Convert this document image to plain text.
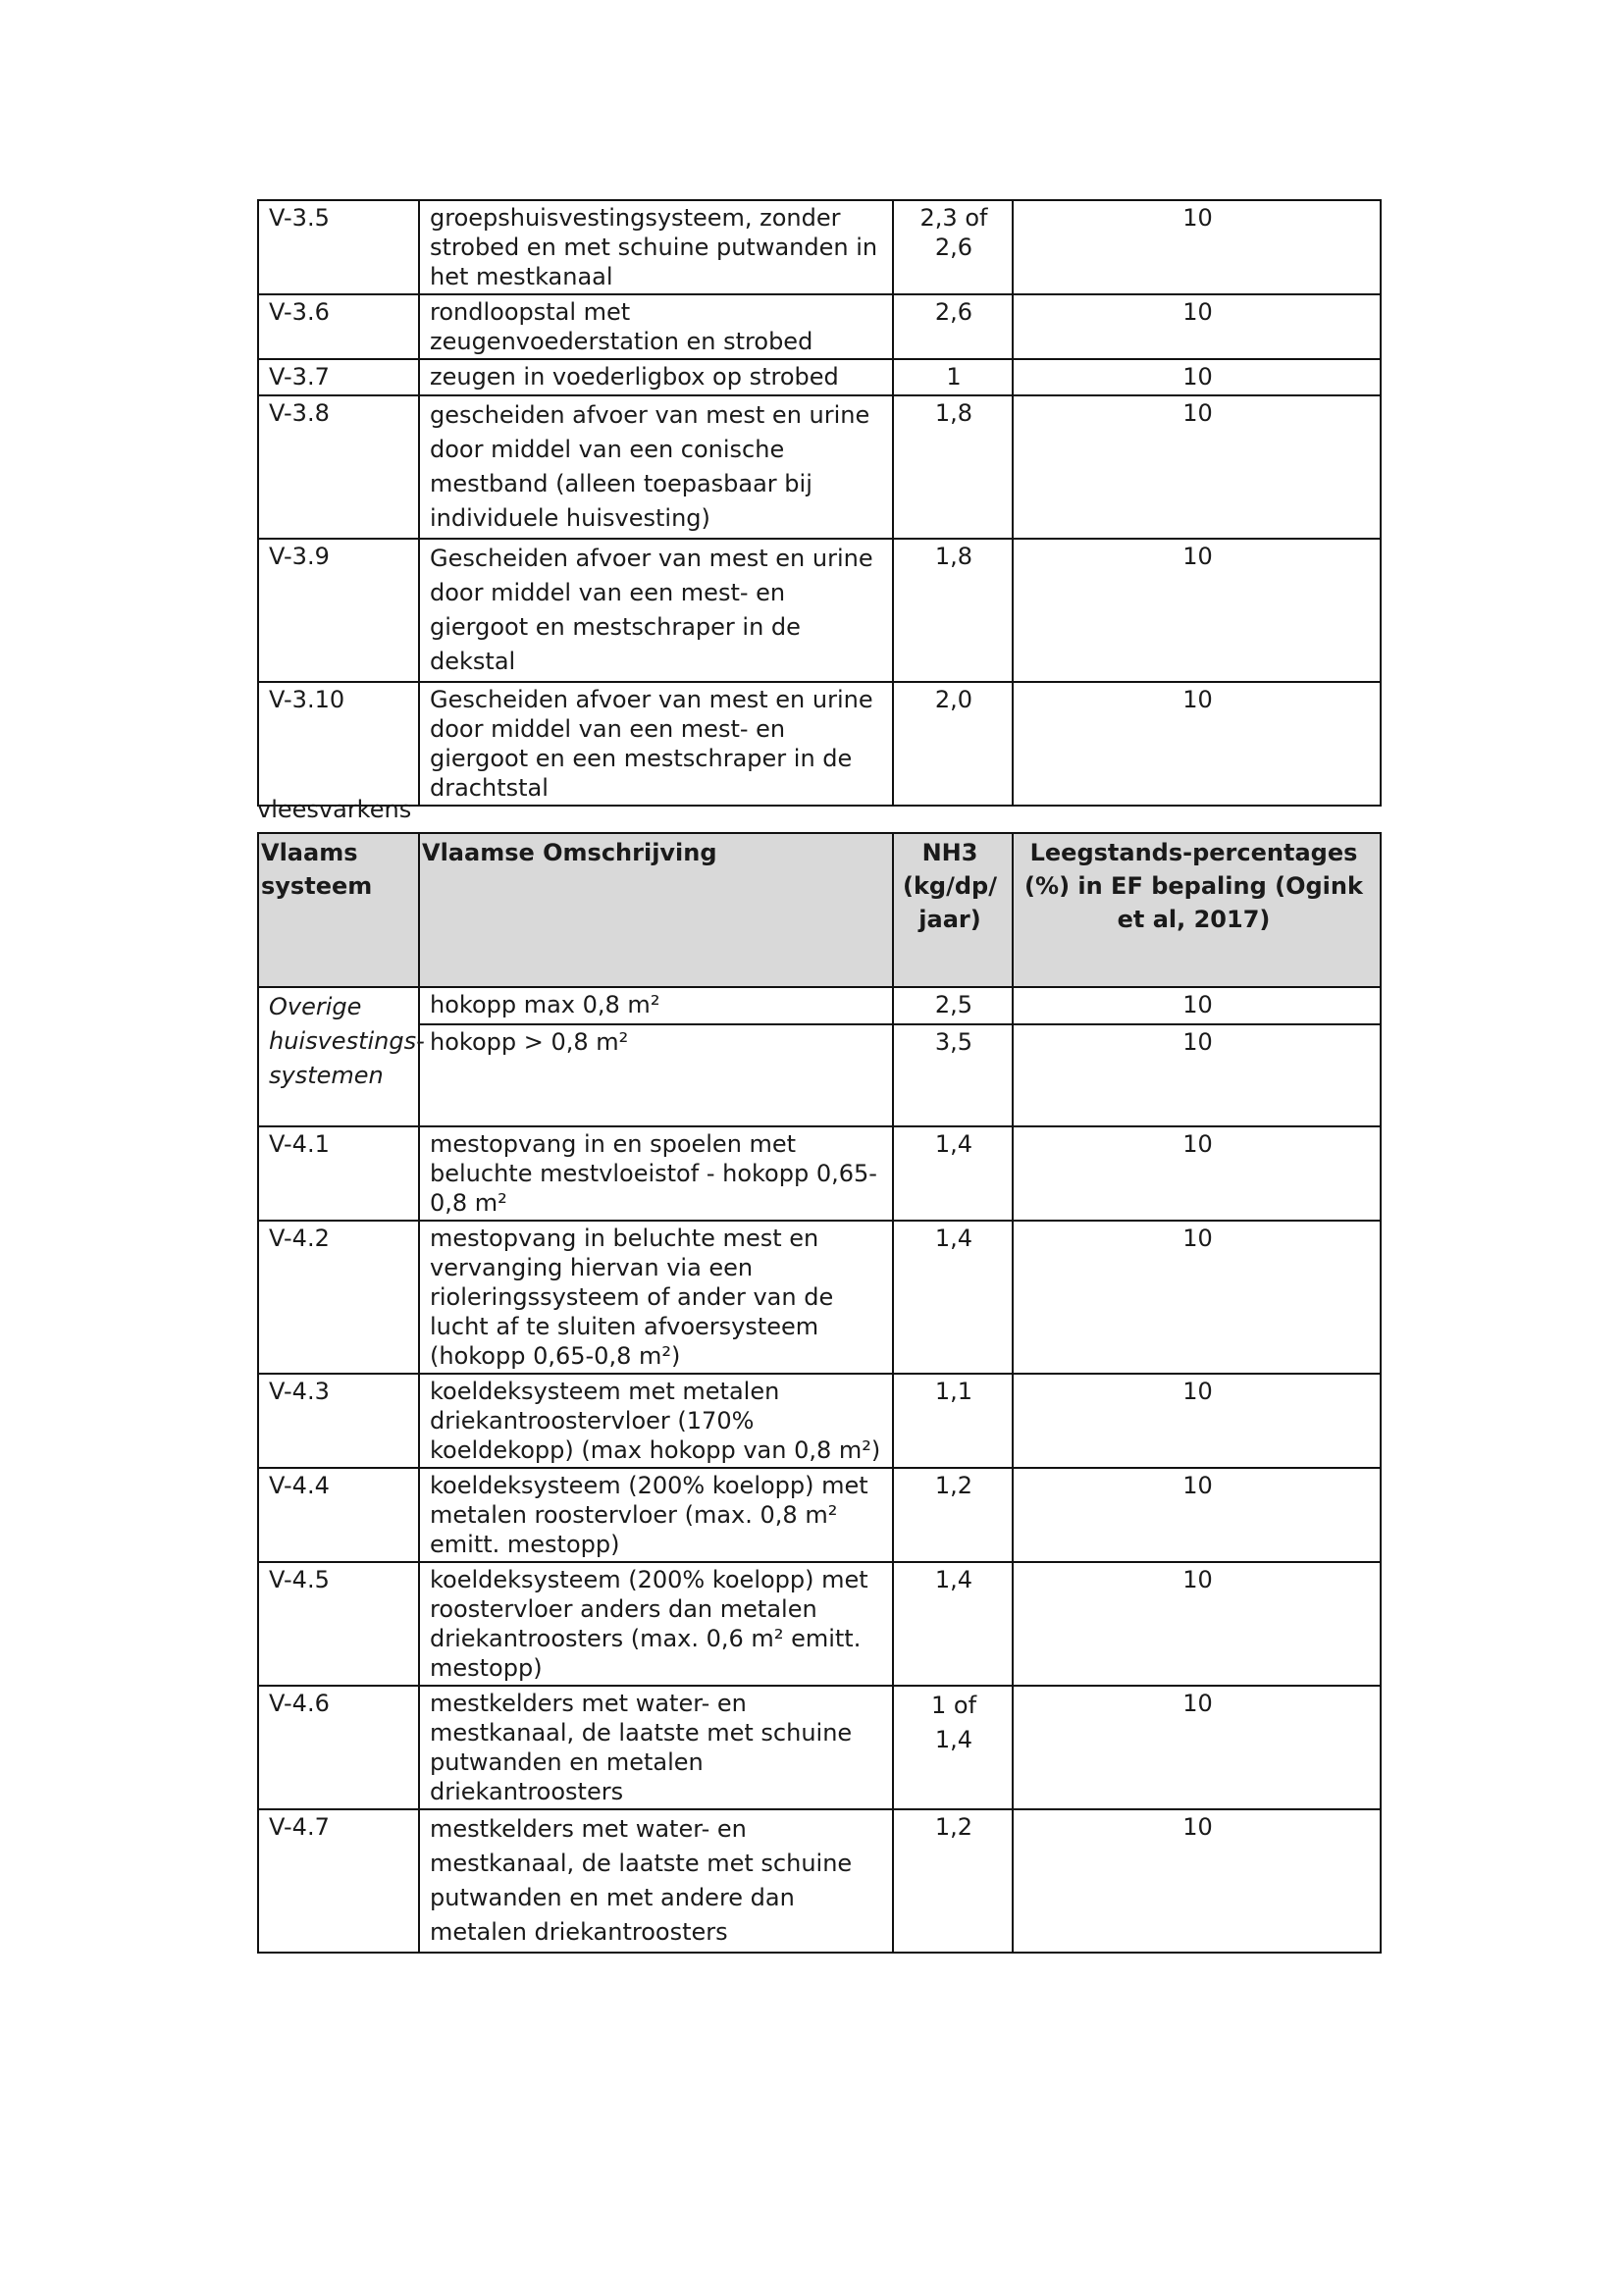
V-3.5	groepshuisvestingsysteem, zonder strobed en met schuine putwanden in het mestkanaal	2,3 of 2,6	10
V-3.6	rondloopstal met zeugenvoederstation en strobed	2,6	10
V-3.7	zeugen in voederligbox op strobed	1	10
V-3.8	gescheiden afvoer van mest en urine door middel van een conische mestband (alleen toepasbaar bij individuele huisvesting)	1,8	10
V-3.9	Gescheiden afvoer van mest en urine door middel van een mest- en giergoot en mestschraper in de dekstal	1,8	10
V-3.10	Gescheiden afvoer van mest en urine door middel van een mest- en giergoot en een mestschraper in de drachtstal	2,0	10
vleesvarkens
Vlaams systeem	Vlaamse Omschrijving	NH3 (kg/dp/ jaar)	Leegstands-percentages (%) in EF bepaling (Ogink et al, 2017)
Overige huisvestings-systemen	hokopp max 0,8 m²	2,5	10
	hokopp > 0,8 m²	3,5	10
V-4.1	mestopvang in en spoelen met beluchte mestvloeistof - hokopp 0,65-0,8 m²	1,4	10
V-4.2	mestopvang in beluchte mest en vervanging hiervan via een rioleringssysteem of ander van de lucht af te sluiten afvoersysteem (hokopp 0,65-0,8 m²)	1,4	10
V-4.3	koeldeksysteem met metalen driekantroostervloer (170% koeldekopp) (max hokopp van 0,8 m²)	1,1	10
V-4.4	koeldeksysteem (200% koelopp) met metalen roostervloer (max. 0,8 m² emitt. mestopp)	1,2	10
V-4.5	koeldeksysteem (200% koelopp) met roostervloer anders dan metalen driekantroosters (max. 0,6 m² emitt. mestopp)	1,4	10
V-4.6	mestkelders met water- en mestkanaal, de laatste met schuine putwanden en metalen driekantroosters	1 of 1,4	10
V-4.7	mestkelders met water- en mestkanaal, de laatste met schuine putwanden en met andere dan metalen driekantroosters	1,2	10
